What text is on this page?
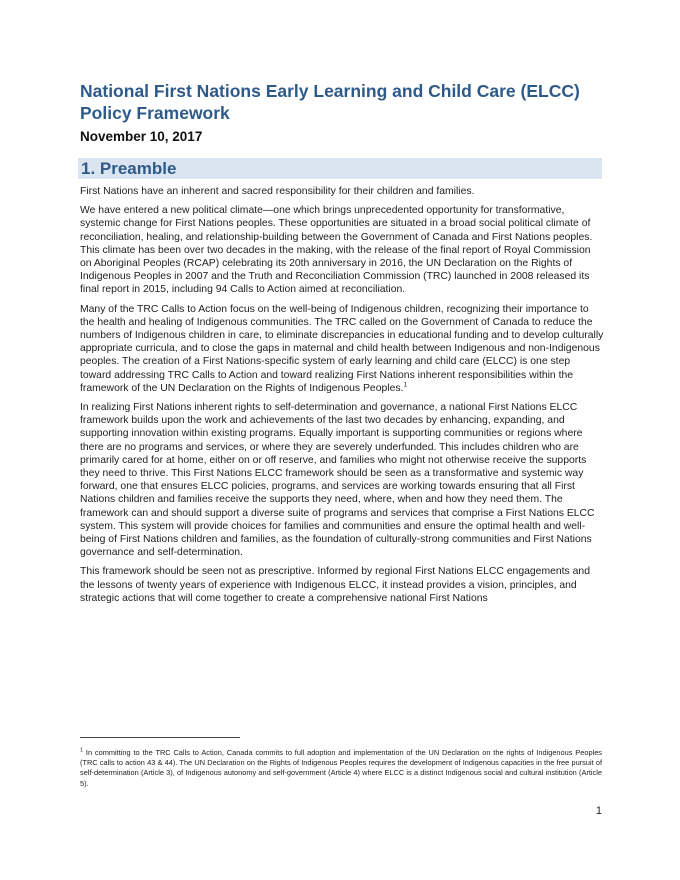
National First Nations Early Learning and Child Care (ELCC) Policy Framework

November 10, 2017

1. Preamble

First Nations have an inherent and sacred responsibility for their children and families.

We have entered a new political climate—one which brings unprecedented opportunity for transformative, systemic change for First Nations peoples. These opportunities are situated in a broad social political climate of reconciliation, healing, and relationship-building between the Government of Canada and First Nations peoples. This climate has been over two decades in the making, with the release of the final report of Royal Commission on Aboriginal Peoples (RCAP) celebrating its 20th anniversary in 2016, the UN Declaration on the Rights of Indigenous Peoples in 2007 and the Truth and Reconciliation Commission (TRC) launched in 2008 released its final report in 2015, including 94 Calls to Action aimed at reconciliation.

Many of the TRC Calls to Action focus on the well-being of Indigenous children, recognizing their importance to the health and healing of Indigenous communities. The TRC called on the Government of Canada to reduce the numbers of Indigenous children in care, to eliminate discrepancies in educational funding and to develop culturally appropriate curricula, and to close the gaps in maternal and child health between Indigenous and non-Indigenous peoples. The creation of a First Nations-specific system of early learning and child care (ELCC) is one step toward addressing TRC Calls to Action and toward realizing First Nations inherent responsibilities within the framework of the UN Declaration on the Rights of Indigenous Peoples.$^1$

In realizing First Nations inherent rights to self-determination and governance, a national First Nations ELCC framework builds upon the work and achievements of the last two decades by enhancing, expanding, and supporting innovation within existing programs. Equally important is supporting communities or regions where there are no programs and services, or where they are severely underfunded. This includes children who are primarily cared for at home, either on or off reserve, and families who might not otherwise receive the supports they need to thrive. This First Nations ELCC framework should be seen as a transformative and systemic way forward, one that ensures ELCC policies, programs, and services are working towards ensuring that all First Nations children and families receive the supports they need, where, when and how they need them. The framework can and should support a diverse suite of programs and services that comprise a First Nations ELCC system. This system will provide choices for families and communities and ensure the optimal health and well-being of First Nations children and families, as the foundation of culturally-strong communities and First Nations governance and self-determination.

This framework should be seen not as prescriptive. Informed by regional First Nations ELCC engagements and the lessons of twenty years of experience with Indigenous ELCC, it instead provides a vision, principles, and strategic actions that will come together to create a comprehensive national First Nations

$^1$ In committing to the TRC Calls to Action, Canada commits to full adoption and implementation of the UN Declaration on the rights of Indigenous Peoples (TRC calls to action 43 & 44). The UN Declaration on the Rights of Indigenous Peoples requires the development of Indigenous capacities in the free pursuit of self-determination (Article 3), of Indigenous autonomy and self-government (Article 4) where ELCC is a distinct Indigenous social and cultural institution (Article 5).

1
